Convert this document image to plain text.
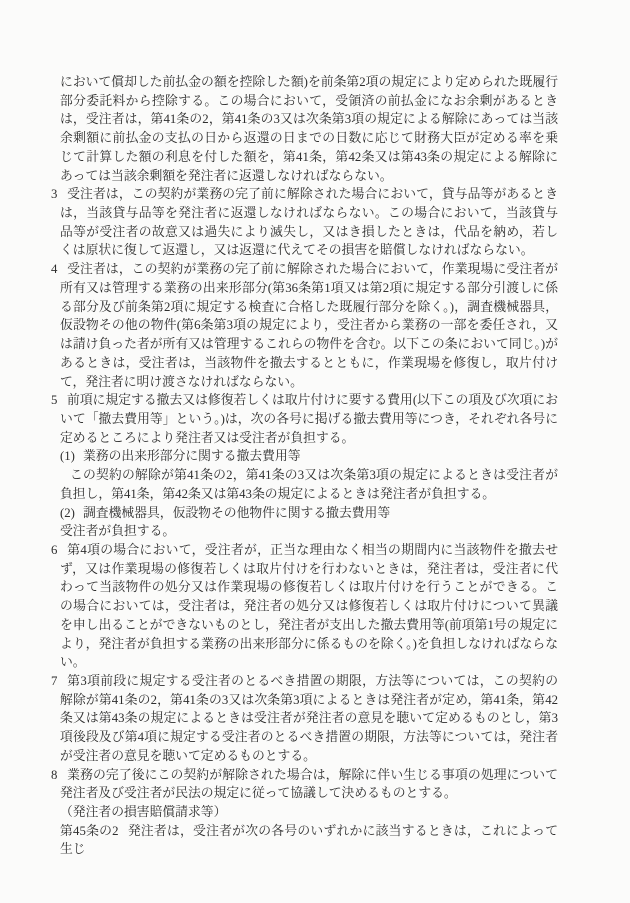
において償却した前払金の額を控除した額)を前条第2項の規定により定められた既履行部分委託料から控除する。この場合において，受領済の前払金になお余剰があるときは，受注者は，第41条の2，第41条の3又は次条第3項の規定による解除にあっては当該余剰額に前払金の支払の日から返還の日までの日数に応じて財務大臣が定める率を乗じて計算した額の利息を付した額を，第41条，第42条又は第43条の規定による解除にあっては当該余剰額を発注者に返還しなければならない。

3 受注者は，この契約が業務の完了前に解除された場合において，貸与品等があるときは，当該貸与品等を発注者に返還しなければならない。この場合において，当該貸与品等が受注者の故意又は過失により滅失し，又はき損したときは，代品を納め，若しくは原状に復して返還し，又は返還に代えてその損害を賠償しなければならない。

4 受注者は，この契約が業務の完了前に解除された場合において，作業現場に受注者が所有又は管理する業務の出来形部分(第36条第1項又は第2項に規定する部分引渡しに係る部分及び前条第2項に規定する検査に合格した既履行部分を除く。)，調査機械器具，仮設物その他の物件(第6条第3項の規定により，受注者から業務の一部を委任され，又は請け負った者が所有又は管理するこれらの物件を含む。以下この条において同じ。)があるときは，受注者は，当該物件を撤去するとともに，作業現場を修復し，取片付けて，発注者に明け渡さなければならない。

5 前項に規定する撤去又は修復若しくは取片付けに要する費用(以下この項及び次項において「撤去費用等」という。)は，次の各号に掲げる撤去費用等につき，それぞれ各号に定めるところにより発注者又は受注者が負担する。

(1) 業務の出来形部分に関する撤去費用等

この契約の解除が第41条の2，第41条の3又は次条第3項の規定によるときは受注者が負担し，第41条，第42条又は第43条の規定によるときは発注者が負担する。

(2) 調査機械器具，仮設物その他物件に関する撤去費用等

受注者が負担する。

6 第4項の場合において，受注者が，正当な理由なく相当の期間内に当該物件を撤去せず，又は作業現場の修復若しくは取片付けを行わないときは，発注者は，受注者に代わって当該物件の処分又は作業現場の修復若しくは取片付けを行うことができる。この場合においては，受注者は，発注者の処分又は修復若しくは取片付けについて異議を申し出ることができないものとし，発注者が支出した撤去費用等(前項第1号の規定により，発注者が負担する業務の出来形部分に係るものを除く。)を負担しなければならない。

7 第3項前段に規定する受注者のとるべき措置の期限，方法等については，この契約の解除が第41条の2，第41条の3又は次条第3項によるときは発注者が定め，第41条，第42条又は第43条の規定によるときは受注者が発注者の意見を聴いて定めるものとし，第3項後段及び第4項に規定する受注者のとるべき措置の期限，方法等については，発注者が受注者の意見を聴いて定めるものとする。

8 業務の完了後にこの契約が解除された場合は，解除に伴い生じる事項の処理について発注者及び受注者が民法の規定に従って協議して決めるものとする。

（発注者の損害賠償請求等）

第45条の2 発注者は，受注者が次の各号のいずれかに該当するときは，これによって生じ
